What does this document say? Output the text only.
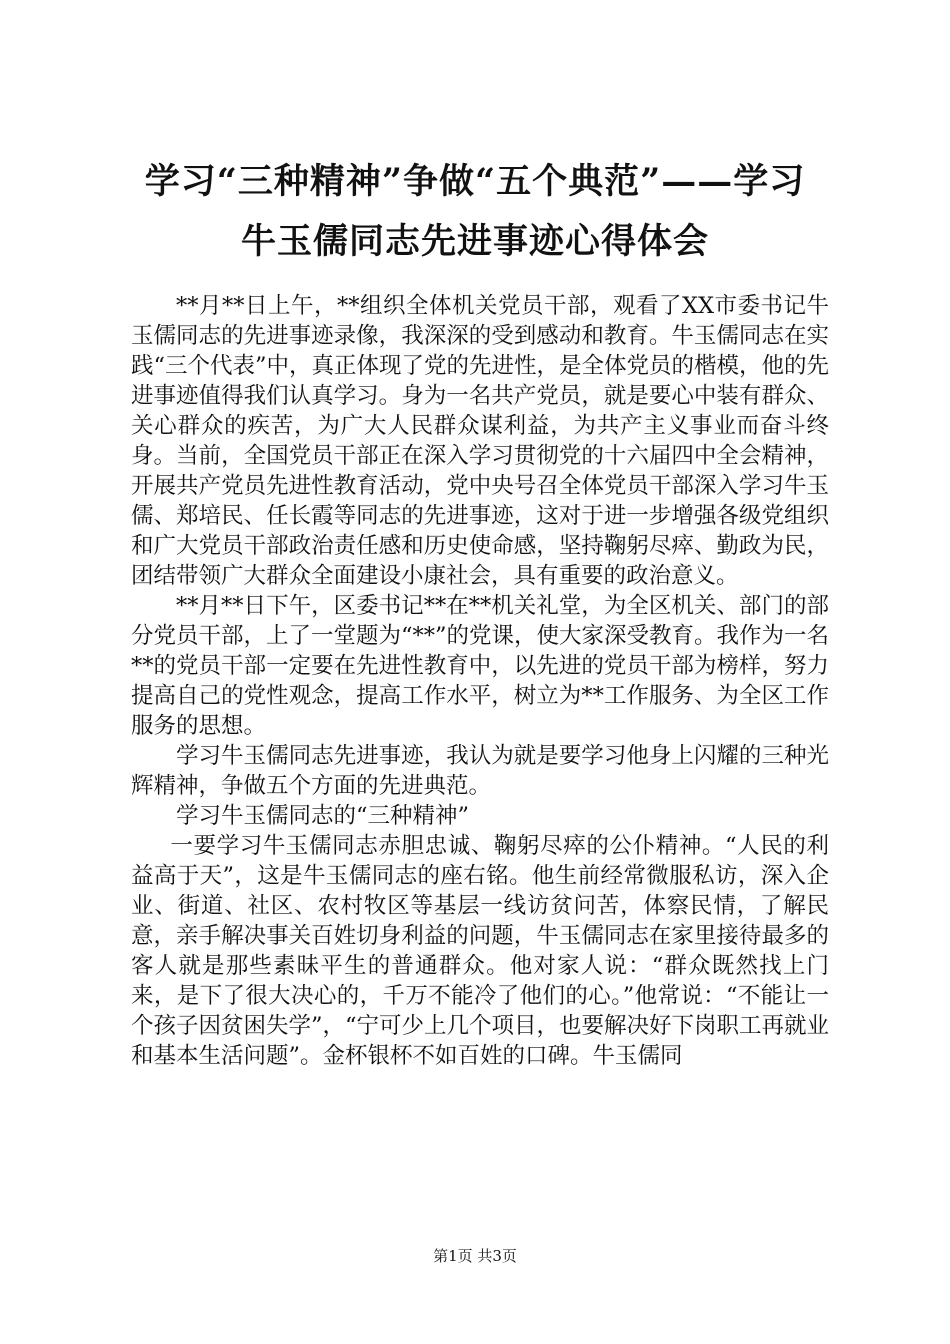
学习“三种精神”争做“五个典范”——学习
牛玉儒同志先进事迹心得体会

**月**日上午，**组织全体机关党员干部，观看了XX市委书记牛玉儒同志的先进事迹录像，我深深的受到感动和教育。牛玉儒同志在实践“三个代表”中，真正体现了党的先进性，是全体党员的楷模，他的先进事迹值得我们认真学习。身为一名共产党员，就是要心中装有群众、关心群众的疾苦，为广大人民群众谋利益，为共产主义事业而奋斗终身。当前，全国党员干部正在深入学习贯彻党的十六届四中全会精神，开展共产党员先进性教育活动，党中央号召全体党员干部深入学习牛玉儒、郑培民、任长霞等同志的先进事迹，这对于进一步增强各级党组织和广大党员干部政治责任感和历史使命感，坚持鞠躬尽瘁、勤政为民，团结带领广大群众全面建设小康社会，具有重要的政治意义。

**月**日下午，区委书记**在**机关礼堂，为全区机关、部门的部分党员干部，上了一堂题为“**”的党课，使大家深受教育。我作为一名**的党员干部一定要在先进性教育中，以先进的党员干部为榜样，努力提高自己的党性观念，提高工作水平，树立为**工作服务、为全区工作服务的思想。

学习牛玉儒同志先进事迹，我认为就是要学习他身上闪耀的三种光辉精神，争做五个方面的先进典范。

学习牛玉儒同志的“三种精神”

一要学习牛玉儒同志赤胆忠诚、鞠躬尽瘁的公仆精神。“人民的利益高于天”，这是牛玉儒同志的座右铭。他生前经常微服私访，深入企业、街道、社区、农村牧区等基层一线访贫问苦，体察民情，了解民意，亲手解决事关百姓切身利益的问题，牛玉儒同志在家里接待最多的客人就是那些素昧平生的普通群众。他对家人说：“群众既然找上门来，是下了很大决心的，千万不能冷了他们的心。”他常说：“不能让一个孩子因贫困失学”，“宁可少上几个项目，也要解决好下岗职工再就业和基本生活问题”。金杯银杯不如百姓的口碑。牛玉儒同

第1页 共3页
